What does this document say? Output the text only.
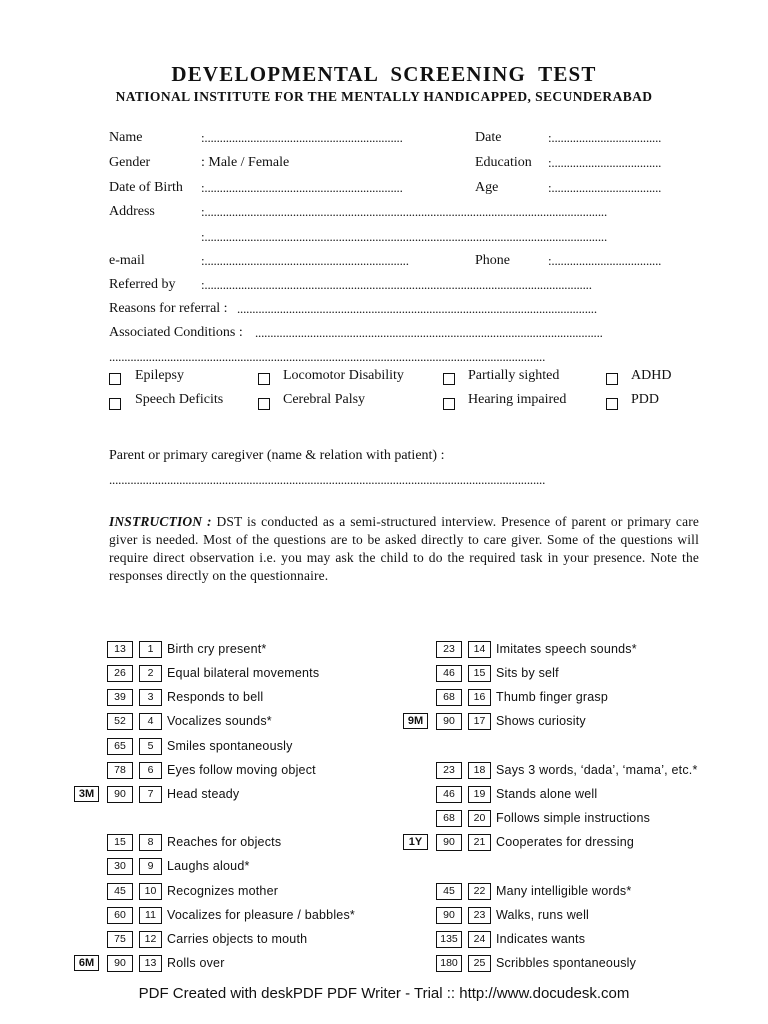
DEVELOPMENTAL SCREENING TEST
NATIONAL INSTITUTE FOR THE MENTALLY HANDICAPPED, SECUNDERABAD
Name	:.................................................................	Date	:....................................
Gender	: Male / Female	Education :....................................
Date of Birth :.................................................................	Age	:....................................
Address	:....................................................................................................................................
:....................................................................................................................................
e-mail	:...................................................................	Phone	:....................................
Referred by :...............................................................................................................................
Reasons for referral : ......................................................................................................................
Associated Conditions : ..................................................................................................................
...............................................................................................................................................
Epilepsy	Locomotor Disability	Partially sighted	ADHD
Speech Deficits	Cerebral Palsy	Hearing impaired	PDD
Parent or primary caregiver (name & relation with patient) :
...............................................................................................................................................
INSTRUCTION : DST is conducted as a semi-structured interview. Presence of parent or primary care giver is needed. Most of the questions are to be asked directly to care giver. Some of the questions will require direct observation i.e. you may ask the child to do the required task in your presence. Note the responses directly on the questionnaire.
13	1	Birth cry present*
26	2	Equal bilateral movements
39	3	Responds to bell
52	4	Vocalizes sounds*
65	5	Smiles spontaneously
78	6	Eyes follow moving object
3M	90	7	Head steady
15	8	Reaches for objects
30	9	Laughs aloud*
45	10 Recognizes mother
60	11 Vocalizes for pleasure / babbles*
75	12 Carries objects to mouth
6M	90	13 Rolls over
23	14 Imitates speech sounds*
46	15 Sits by self
68	16 Thumb finger grasp
9M	90	17 Shows curiosity
23	18 Says 3 words, ‘dada’, ‘mama’, etc.*
46	19 Stands alone well
68	20 Follows simple instructions
1Y	90	21 Cooperates for dressing
45	22 Many intelligible words*
90	23 Walks, runs well
135	24 Indicates wants
180	25 Scribbles spontaneously
PDF Created with deskPDF PDF Writer - Trial :: http://www.docudesk.com
